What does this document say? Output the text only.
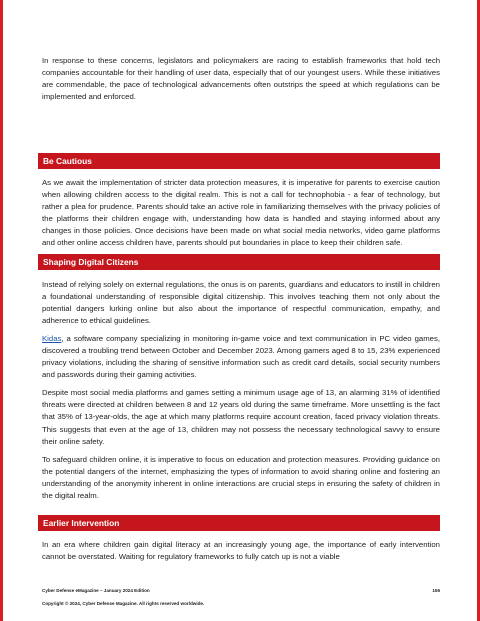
In response to these concerns, legislators and policymakers are racing to establish frameworks that hold tech companies accountable for their handling of user data, especially that of our youngest users. While these initiatives are commendable, the pace of technological advancements often outstrips the speed at which regulations can be implemented and enforced.

Be Cautious

As we await the implementation of stricter data protection measures, it is imperative for parents to exercise caution when allowing children access to the digital realm. This is not a call for technophobia - a fear of technology, but rather a plea for prudence. Parents should take an active role in familiarizing themselves with the privacy policies of the platforms their children engage with, understanding how data is handled and staying informed about any changes in those policies. Once decisions have been made on what social media networks, video game platforms and other online access children have, parents should put boundaries in place to keep their children safe.

Shaping Digital Citizens

Instead of relying solely on external regulations, the onus is on parents, guardians and educators to instill in children a foundational understanding of responsible digital citizenship. This involves teaching them not only about the potential dangers lurking online but also about the importance of respectful communication, empathy, and adherence to ethical guidelines.

Kidas, a software company specializing in monitoring in-game voice and text communication in PC video games, discovered a troubling trend between October and December 2023. Among gamers aged 8 to 15, 23% experienced privacy violations, including the sharing of sensitive information such as credit card details, social security numbers and passwords during their gaming activities.

Despite most social media platforms and games setting a minimum usage age of 13, an alarming 31% of identified threats were directed at children between 8 and 12 years old during the same timeframe. More unsettling is the fact that 35% of 13-year-olds, the age at which many platforms require account creation, faced privacy violation threats. This suggests that even at the age of 13, children may not possess the necessary technological savvy to ensure their online safety.

To safeguard children online, it is imperative to focus on education and protection measures. Providing guidance on the potential dangers of the internet, emphasizing the types of information to avoid sharing online and fostering an understanding of the anonymity inherent in online interactions are crucial steps in ensuring the safety of children in the digital realm.

Earlier Intervention

In an era where children gain digital literacy at an increasingly young age, the importance of early intervention cannot be overstated. Waiting for regulatory frameworks to fully catch up is not a viable

Cyber Defense eMagazine – January 2024 Edition	156
Copyright © 2024, Cyber Defense Magazine. All rights reserved worldwide.
